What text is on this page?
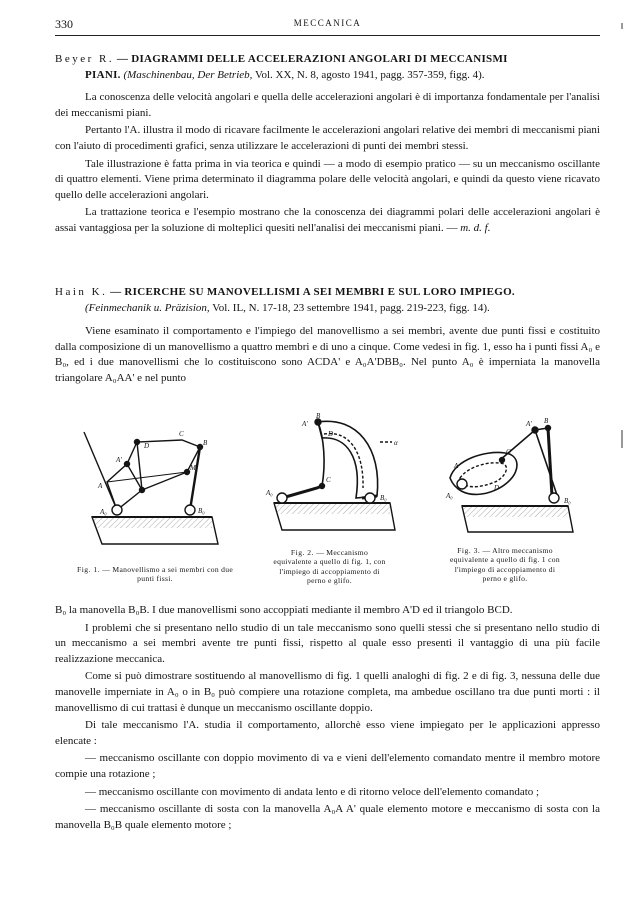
330	MECCANICA

Beyer R. — DIAGRAMMI DELLE ACCELERAZIONI ANGOLARI DI MECCANISMI
PIANI. (Maschinenbau, Der Betrieb, Vol. XX, N. 8, agosto 1941, pagg. 357-359, figg. 4).

La conoscenza delle velocità angolari e quella delle accelerazioni angolari è di importanza fondamentale per l'analisi dei meccanismi piani.

Pertanto l'A. illustra il modo di ricavare facilmente le accelerazioni angolari relative dei membri di meccanismi piani con l'aiuto di procedimenti grafici, senza utilizzare le accelerazioni di punti dei membri stessi.

Tale illustrazione è fatta prima in via teorica e quindi — a modo di esempio pratico — su un meccanismo oscillante di quattro elementi. Viene prima determinato il diagramma polare delle velocità angolari, e quindi da questo viene ricavato quello delle accelerazioni angolari.

La trattazione teorica e l'esempio mostrano che la conoscenza dei diagrammi polari delle accelerazioni angolari è assai vantaggiosa per la soluzione di molteplici quesiti nell'analisi dei meccanismi piani. — m. d. f.

Hain K. — RICERCHE SU MANOVELLISMI A SEI MEMBRI E SUL LORO IMPIEGO.
(Feinmechanik u. Präzision, Vol. IL, N. 17-18, 23 settembre 1941, pagg. 219-223, figg. 14).

Viene esaminato il comportamento e l'impiego del manovellismo a sei membri, avente due punti fissi e costituito dalla composizione di un manovellismo a quattro membri e di uno a cinque. Come vedesi in fig. 1, esso ha i punti fissi A₀ e B₀, ed i due manovellismi che lo costituiscono sono ACDA' e A₀A'DBB₀. Nel punto A₀ è imperniata la manovella triangolare A₀AA' e nel punto

D
A'
C
B
M
A
A₀	B₀
Fig. 1. — Manovellismo a sei membri con due punti fissi.
B
A'
D
C
A₀
B₀
α
Fig. 2. — Meccanismo equivalente a quello di fig. 1, con l'impiego di accoppiamento di perno e glifo.
B
A'
C
A
D
A₀
B₀
Fig. 3. — Altro meccanismo equivalente a quello di fig. 1 con l'impiego di accoppiamento di perno e glifo.

B₀ la manovella B₀B. I due manovellismi sono accoppiati mediante il membro A'D ed il triangolo BCD.

I problemi che si presentano nello studio di un tale meccanismo sono quelli stessi che si presentano nello studio di un meccanismo a sei membri avente tre punti fissi, rispetto al quale esso presenti il vantaggio di una più facile realizzazione meccanica.

Come si può dimostrare sostituendo al manovellismo di fig. 1 quelli analoghi di fig. 2 e di fig. 3, nessuna delle due manovelle imperniate in A₀ o in B₀ può compiere una rotazione completa, ma ambedue oscillano tra due punti morti : il manovellismo di cui trattasi è dunque un meccanismo oscillante doppio.

Di tale meccanismo l'A. studia il comportamento, allorchè esso viene impiegato per le applicazioni appresso elencate :

— meccanismo oscillante con doppio movimento di va e vieni dell'elemento comandato mentre il membro motore compie una rotazione ;

— meccanismo oscillante con movimento di andata lento e di ritorno veloce dell'elemento comandato ;

— meccanismo oscillante di sosta con la manovella A₀A A' quale elemento motore e meccanismo di sosta con la manovella B₀B quale elemento motore ;
